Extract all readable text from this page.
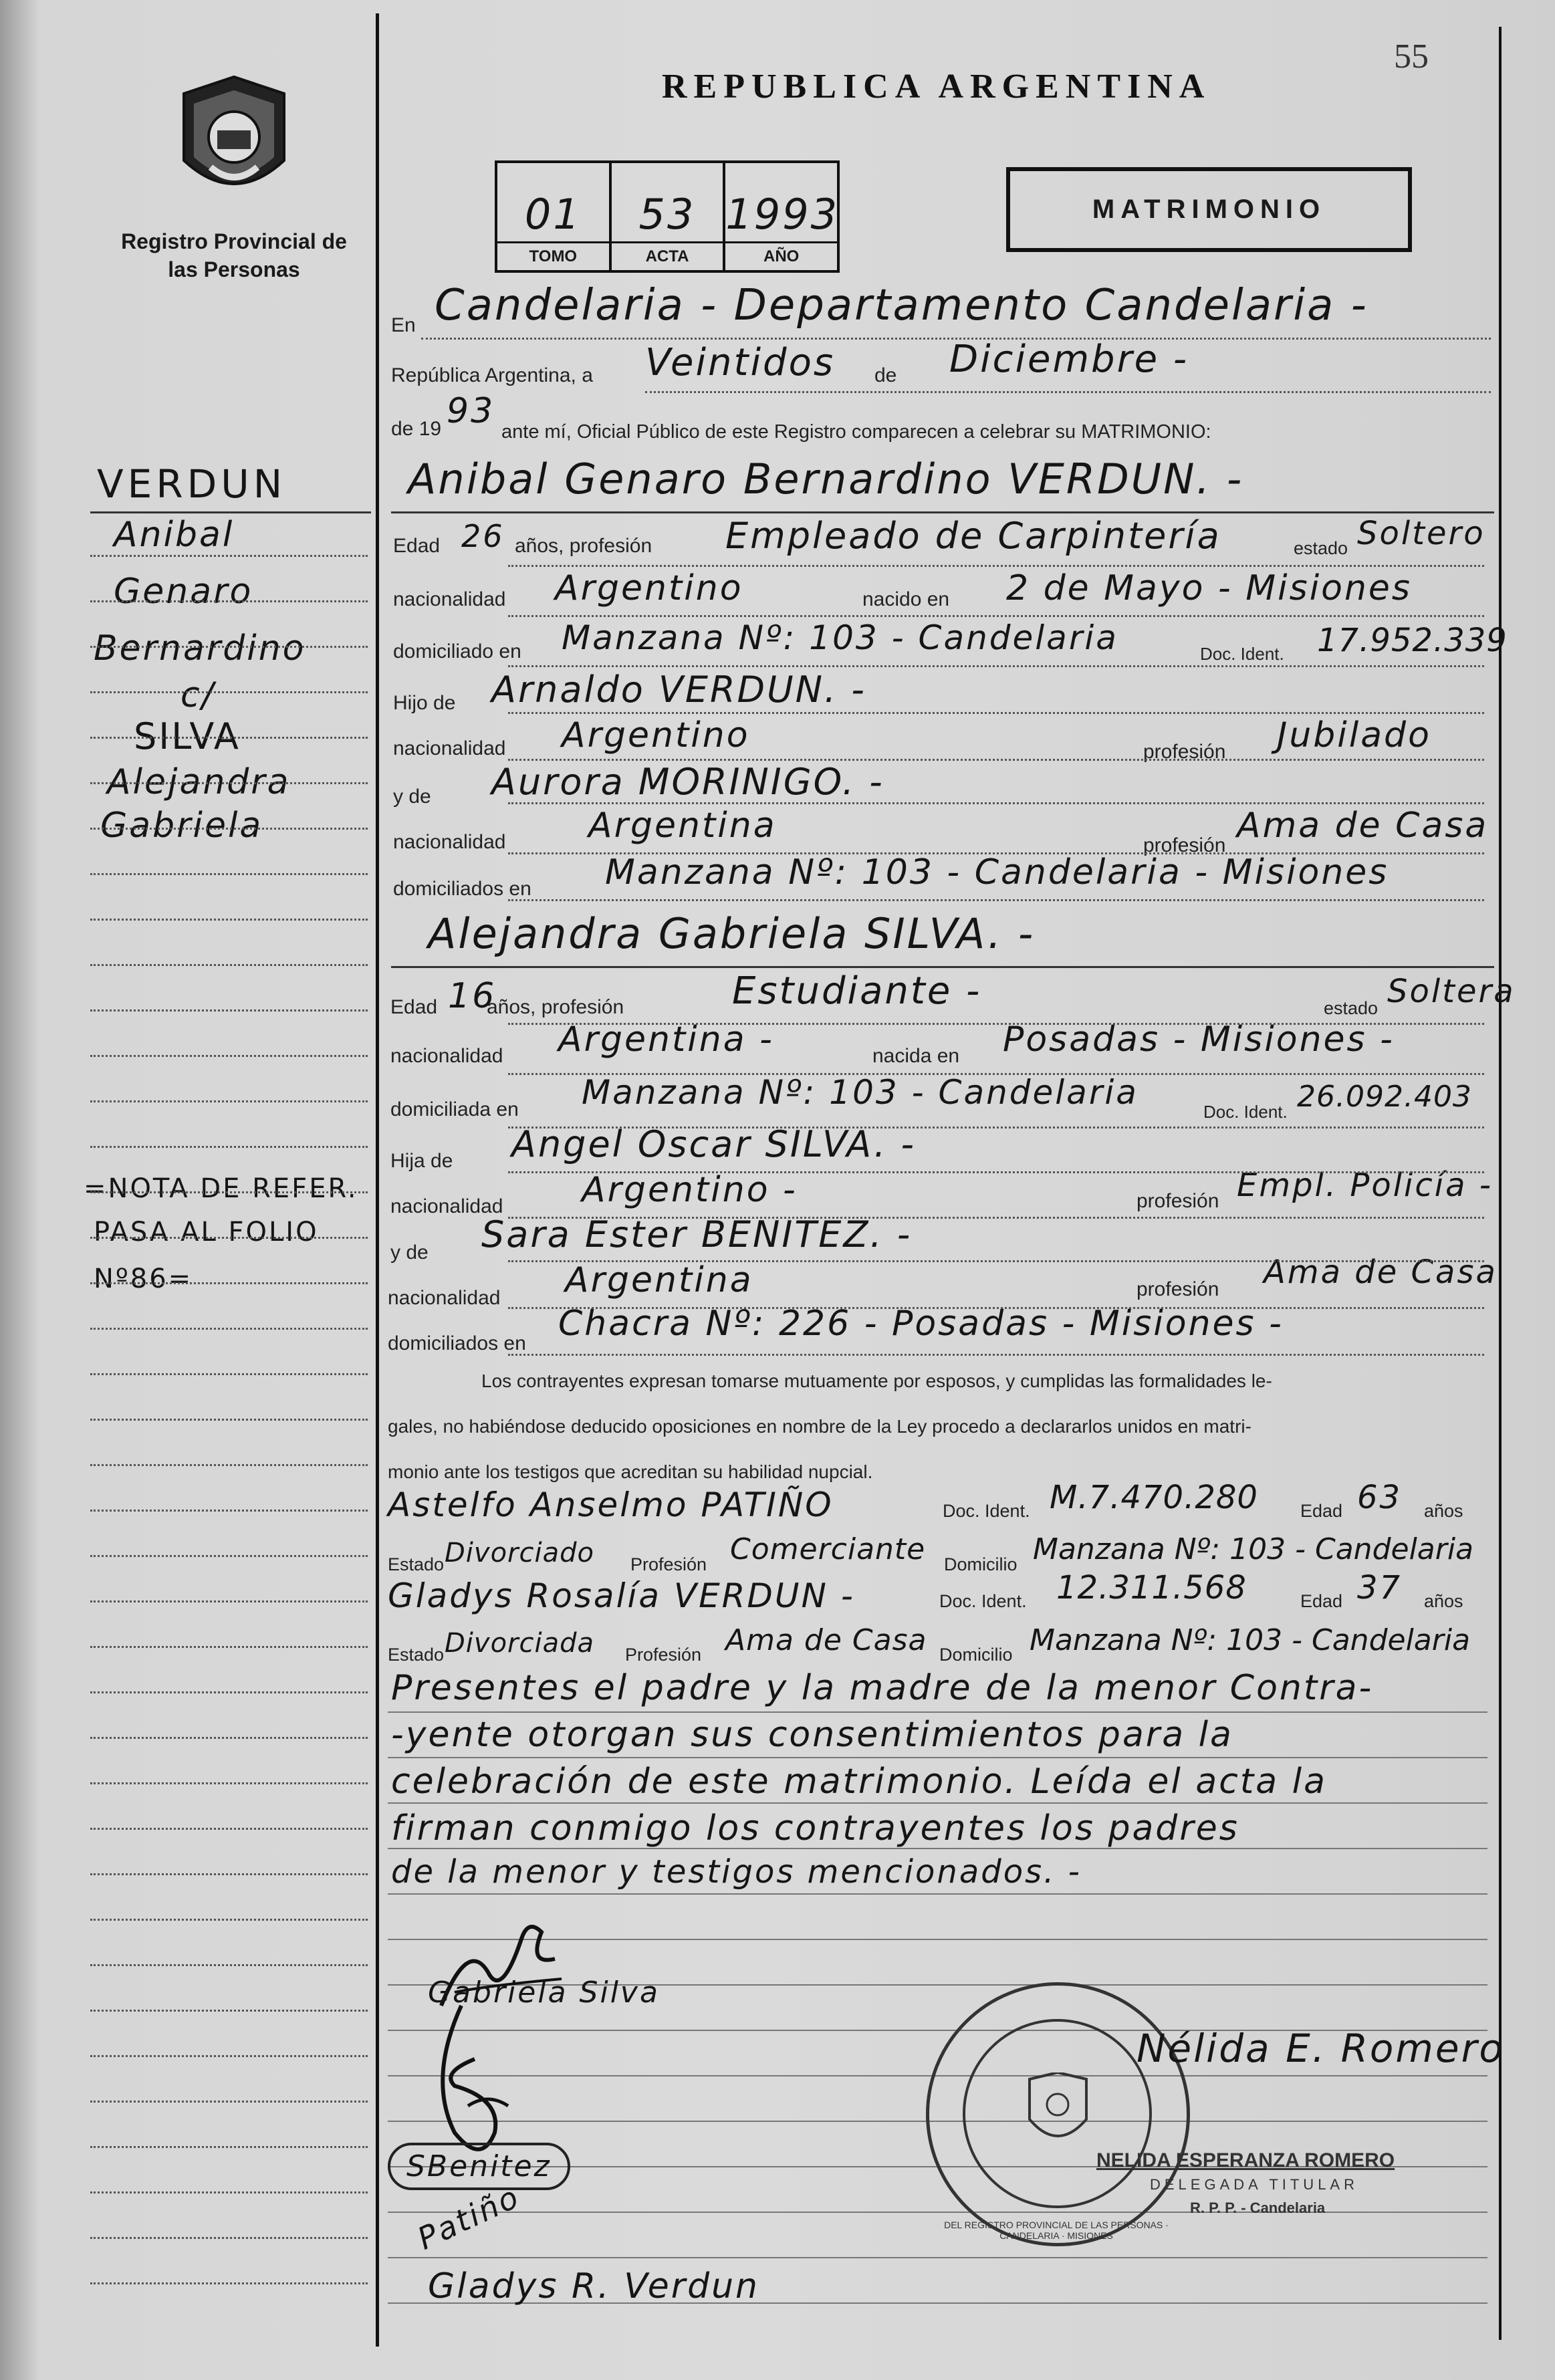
Registro Provincial de las Personas
REPUBLICA ARGENTINA
55
01
TOMO
53
ACTA
1993
AÑO
MATRIMONIO
VERDUN
Anibal
Genaro
Bernardino
c/
SILVA
Alejandra
Gabriela
=NOTA DE REFER.
PASA AL FOLIO
Nº86=
En Candelaria - Departamento Candelaria -
República Argentina, a Veintidos de Diciembre -
de 19 93
ante mí, Oficial Público de este Registro comparecen a celebrar su MATRIMONIO:
Anibal Genaro Bernardino VERDUN. -
Edad 26 años, profesión Empleado de Carpintería	estado Soltero
nacionalidad Argentino	nacido en 2 de Mayo - Misiones
domiciliado en Manzana Nº: 103 - Candelaria	Doc. Ident. 17.952.339
Hijo de Arnaldo VERDUN. -
nacionalidad Argentino	profesión Jubilado
y de Aurora MORINIGO. -
nacionalidad Argentina	profesión Ama de Casa
domiciliados en Manzana Nº: 103 - Candelaria - Misiones
Alejandra Gabriela SILVA. -
Edad 16
años, profesión	Estudiante -	estado Soltera
nacionalidad Argentina -	nacida en Posadas - Misiones -
domiciliada en Manzana Nº: 103 - Candelaria	Doc. Ident. 26.092.403
Hija de Angel Oscar SILVA. -
nacionalidad Argentino -	profesión Empl. Policía -
y de Sara Ester BENITEZ. -
nacionalidad Argentina	profesión Ama de Casa
domiciliados en Chacra Nº: 226 - Posadas - Misiones -
Los contrayentes expresan tomarse mutuamente por esposos, y cumplidas las formalidades le-
gales, no habiéndose deducido oposiciones en nombre de la Ley procedo a declararlos unidos en matri-
monio ante los testigos que acreditan su habilidad nupcial.
Astelfo Anselmo PATIÑO	Doc. Ident. M.7.470.280 Edad 63 años
Estado Divorciado Profesión Comerciante Domicilio Manzana Nº: 103 - Candelaria
Gladys Rosalía VERDUN -	Doc. Ident. 12.311.568	Edad 37 años
Estado Divorciada Profesión Ama de Casa Domicilio Manzana Nº: 103 - Candelaria
Presentes el padre y la madre de la menor Contra-
-yente otorgan sus consentimientos para la
celebración de este matrimonio. Leída el acta la
firman conmigo los contrayentes los padres
de la menor y testigos mencionados. -
Gabriela Silva
SBenitez
Patiño
Gladys R. Verdun
DEL REGISTRO PROVINCIAL DE LAS PERSONAS · CANDELARIA · MISIONES
Nélida E. Romero
NELIDA ESPERANZA ROMERO
DELEGADA TITULAR
R. P. P. - Candelaria
